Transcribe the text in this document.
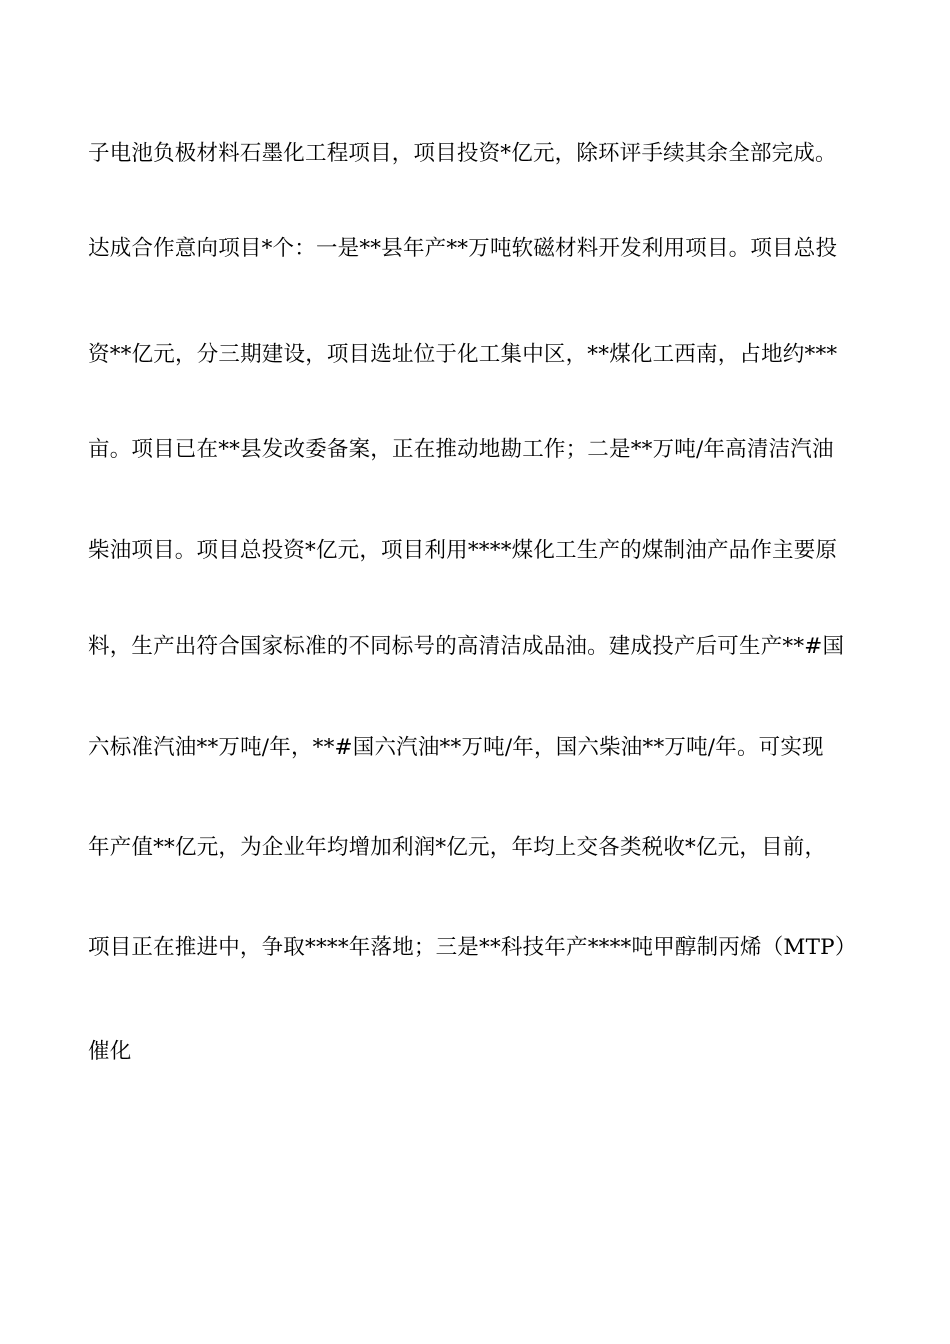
子电池负极材料石墨化工程项目，项目投资*亿元，除环评手续其余全部完成。
达成合作意向项目*个：一是**县年产**万吨软磁材料开发利用项目。项目总投
资**亿元，分三期建设，项目选址位于化工集中区，**煤化工西南，占地约***
亩。项目已在**县发改委备案，正在推动地勘工作；二是**万吨/年高清洁汽油
柴油项目。项目总投资*亿元，项目利用****煤化工生产的煤制油产品作主要原
料，生产出符合国家标准的不同标号的高清洁成品油。建成投产后可生产**#国
六标准汽油**万吨/年，**#国六汽油**万吨/年，国六柴油**万吨/年。可实现
年产值**亿元，为企业年均增加利润*亿元，年均上交各类税收*亿元，目前，
项目正在推进中，争取****年落地；三是**科技年产****吨甲醇制丙烯（MTP）
催化
